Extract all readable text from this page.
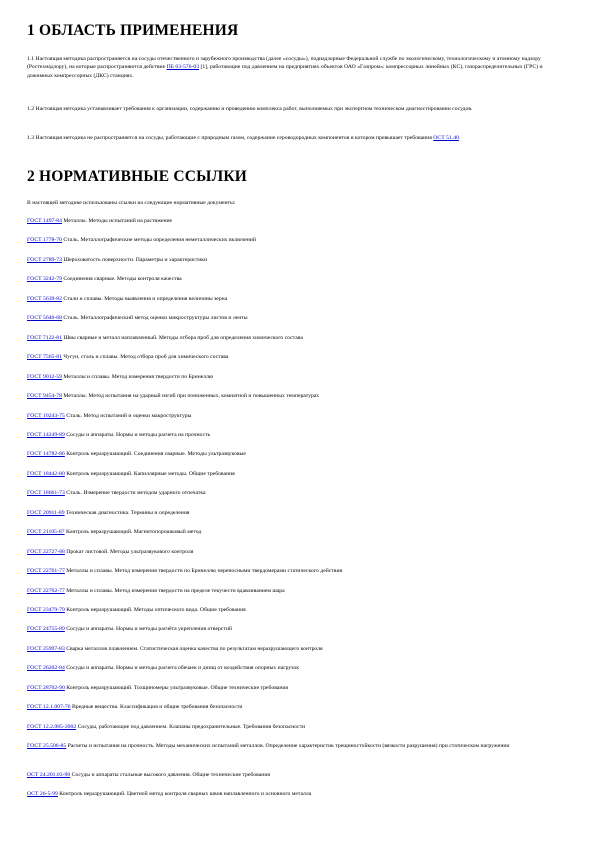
1 ОБЛАСТЬ ПРИМЕНЕНИЯ

1.1 Настоящая методика распространяется на сосуды отечественного и зарубежного производства (далее «сосуды»), поднадзорные Федеральной службе по экологическому, технологическому и атомному надзору (Ростехнадзору), на которые распространяются действие ПБ 03-576-03 [1], работающие под давлением на предприятиях объектов ОАО «Газпром»: компрессорных линейных (КС), газораспределительных (ГРС) и дожимных компрессорных (ДКС) станциях.

1.2 Настоящая методика устанавливает требования к организации, содержанию и проведению комплекса работ, выполняемых при экспертном техническом диагностировании сосудов.

1.3 Настоящая методика не распространяется на сосуды, работающие с природным газом, содержание сероводородных компонентов в котором превышает требования ОСТ 51.40.

2 НОРМАТИВНЫЕ ССЫЛКИ

В настоящей методике использованы ссылки на следующие нормативные документы:

ГОСТ 1497-84 Металлы. Методы испытаний на растяжение

ГОСТ 1778-70 Сталь. Металлографические методы определения неметаллических включений

ГОСТ 2789-73 Шероховатость поверхности. Параметры и характеристики

ГОСТ 3242-79 Соединения сварные. Методы контроля качества

ГОСТ 5639-82 Стали и сплавы. Методы выявления и определения величины зерна

ГОСТ 5640-68 Сталь. Металлографический метод оценки микроструктуры листов и ленты

ГОСТ 7122-81 Швы сварные и металл наплавленный. Методы отбора проб для определения химического состава

ГОСТ 7565-81 Чугун, сталь и сплавы. Метод отбора проб для химического состава

ГОСТ 9012-59 Металлы и сплавы. Метод измерения твердости по Бринеллю

ГОСТ 9454-78 Металлы. Метод испытания на ударный изгиб при пониженных, комнатной и повышенных температурах

ГОСТ 10243-75 Сталь. Метод испытаний и оценки макроструктуры

ГОСТ 14249-89 Сосуды и аппараты. Нормы и методы расчета на прочность

ГОСТ 14782-86 Контроль неразрушающий. Соединения сварные. Методы ультразвуковые

ГОСТ 18442-80 Контроль неразрушающий. Капиллярные методы. Общие требования

ГОСТ 18661-73 Сталь. Измерение твердости методом ударного отпечатка

ГОСТ 20911-89 Техническая диагностика. Термины и определения

ГОСТ 21105-87 Контроль неразрушающий. Магнитопорошковый метод

ГОСТ 22727-88 Прокат листовой. Методы ультразвукового контроля

ГОСТ 22761-77 Металлы и сплавы. Метод измерения твердости по Бринеллю переносными твердомерами статического действия

ГОСТ 22762-77 Металлы и сплавы. Метод измерения твердости на пределе текучести вдавливанием шара

ГОСТ 23479-79 Контроль неразрушающий. Методы оптического вида. Общие требования

ГОСТ 24755-89 Сосуды и аппараты. Нормы и методы расчёта укрепления отверстий

ГОСТ 25997-83 Сварка металлов плавлением. Статистическая оценка качества по результатам неразрушающего контроля

ГОСТ 26202-84 Сосуды и аппараты. Нормы и методы расчета обечаек и днищ от воздействия опорных нагрузок

ГОСТ 28702-90 Контроль неразрушающий. Толщиномеры ультразвуковые. Общие технические требования

ГОСТ 12.1.007-76 Вредные вещества. Классификация и общие требования безопасности

ГОСТ 12.2.085-2002 Сосуды, работающие под давлением. Клапаны предохранительные. Требования безопасности

ГОСТ 25.506-85 Расчеты и испытания на прочность. Методы механических испытаний металлов. Определение характеристик трещиностойкости (вязкости разрушения) при статическом нагружении

ОСТ 24.201.03-90 Сосуды и аппараты стальные высокого давления. Общие технические требования

ОСТ 26-5-99 Контроль неразрушающий. Цветной метод контроля сварных швов наплавленного и основного металла
